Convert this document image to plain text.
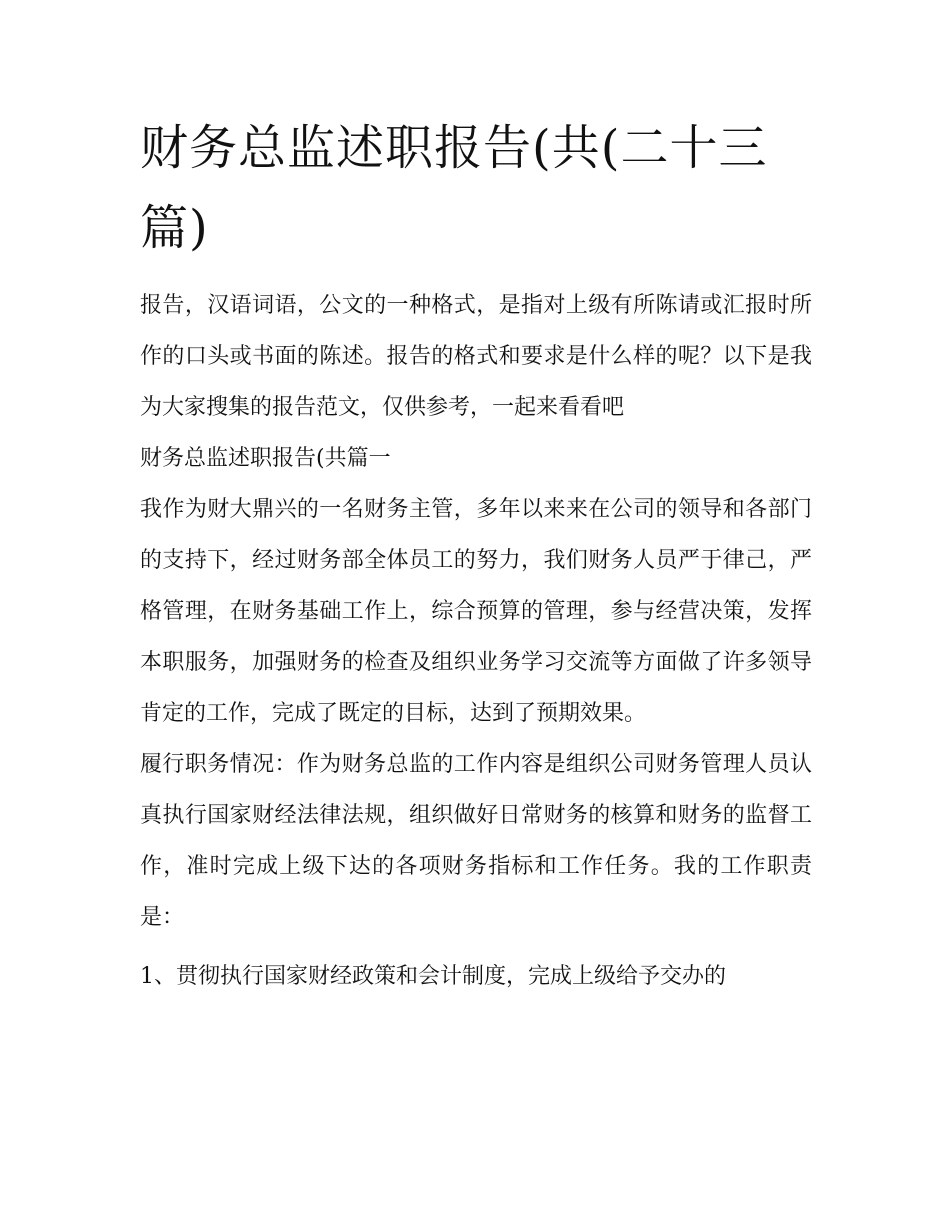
财务总监述职报告(共(二十三篇)

报告，汉语词语，公文的一种格式，是指对上级有所陈请或汇报时所作的口头或书面的陈述。报告的格式和要求是什么样的呢？以下是我为大家搜集的报告范文，仅供参考，一起来看看吧

财务总监述职报告(共篇一

我作为财大鼎兴的一名财务主管，多年以来来在公司的领导和各部门的支持下，经过财务部全体员工的努力，我们财务人员严于律己，严格管理，在财务基础工作上，综合预算的管理，参与经营决策，发挥本职服务，加强财务的检查及组织业务学习交流等方面做了许多领导肯定的工作，完成了既定的目标，达到了预期效果。

履行职务情况：作为财务总监的工作内容是组织公司财务管理人员认真执行国家财经法律法规，组织做好日常财务的核算和财务的监督工作，准时完成上级下达的各项财务指标和工作任务。我的工作职责是：

1、贯彻执行国家财经政策和会计制度，完成上级给予交办的
